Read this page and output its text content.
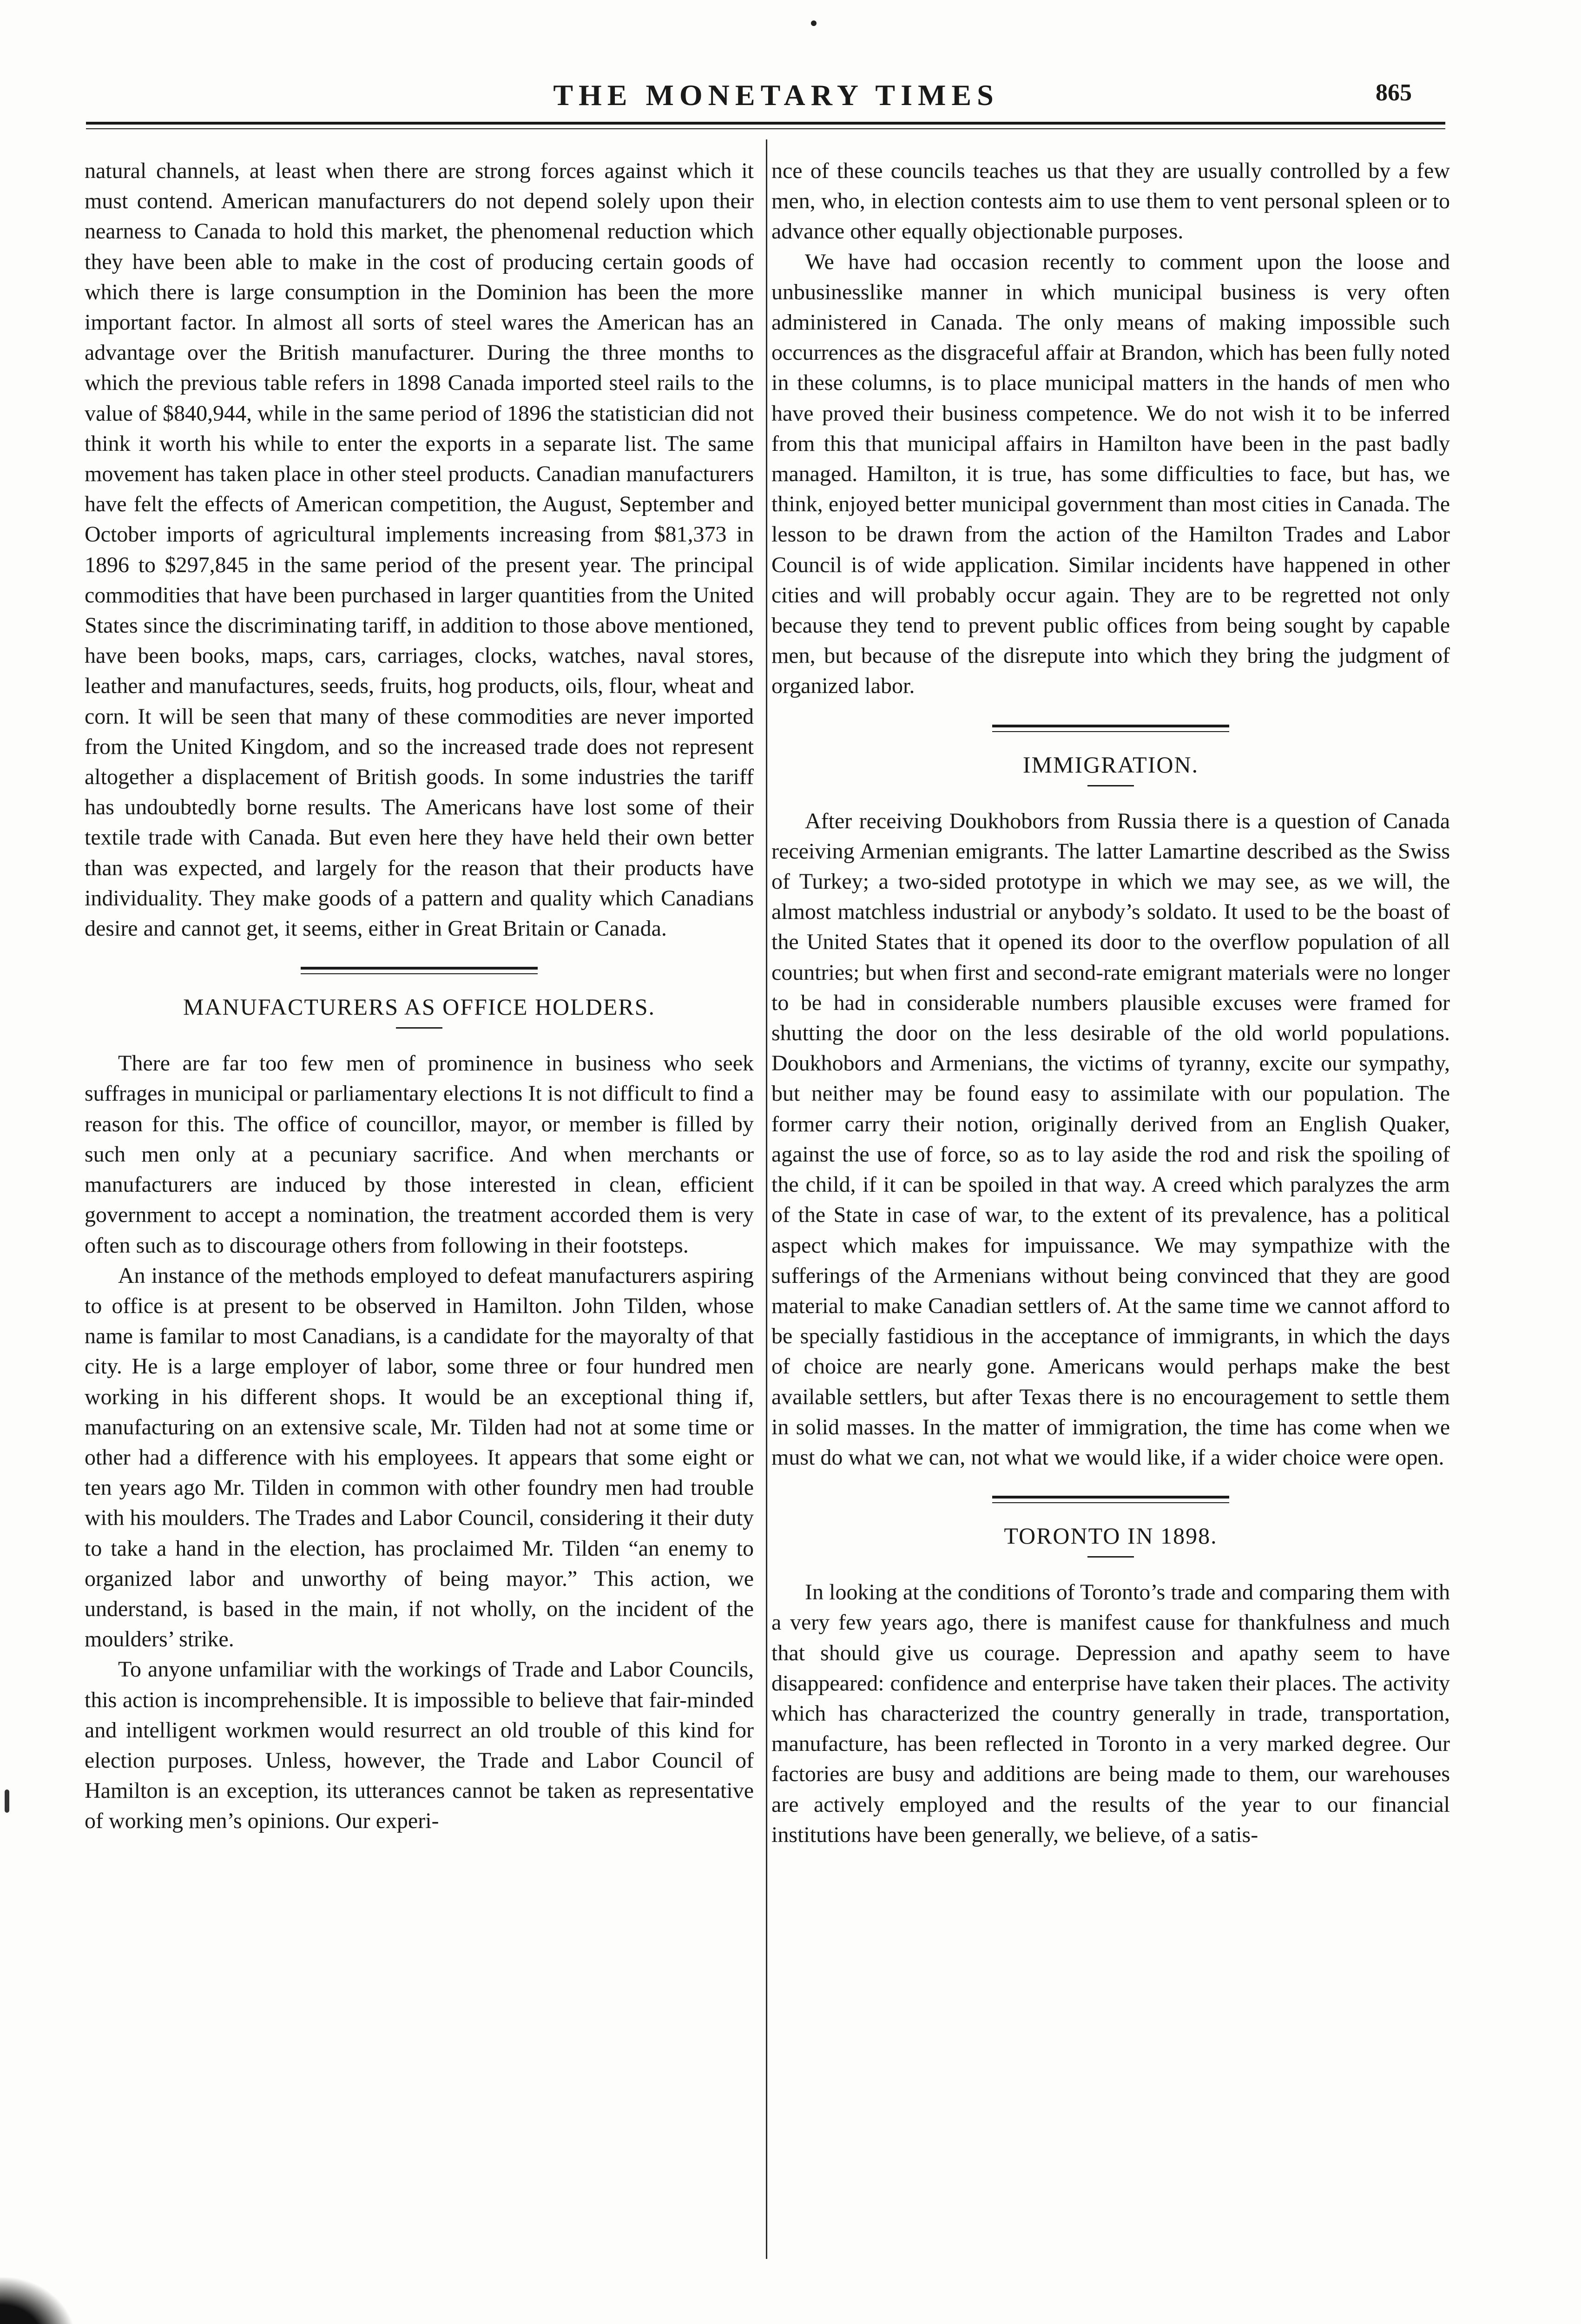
THE MONETARY TIMES	865

natural channels, at least when there are strong forces against which it must contend. American manufacturers do not depend solely upon their nearness to Canada to hold this market, the phenomenal reduction which they have been able to make in the cost of producing certain goods of which there is large consumption in the Dominion has been the more important factor. In almost all sorts of steel wares the American has an advantage over the British manufacturer. During the three months to which the previous table refers in 1898 Canada imported steel rails to the value of $840,944, while in the same period of 1896 the statistician did not think it worth his while to enter the exports in a separate list. The same movement has taken place in other steel products. Canadian manufacturers have felt the effects of American competition, the August, September and October imports of agricultural implements increasing from $81,373 in 1896 to $297,845 in the same period of the present year. The principal commodities that have been purchased in larger quantities from the United States since the discriminating tariff, in addition to those above mentioned, have been books, maps, cars, carriages, clocks, watches, naval stores, leather and manufactures, seeds, fruits, hog products, oils, flour, wheat and corn. It will be seen that many of these commodities are never imported from the United Kingdom, and so the increased trade does not represent altogether a displacement of British goods. In some industries the tariff has undoubtedly borne results. The Americans have lost some of their textile trade with Canada. But even here they have held their own better than was expected, and largely for the reason that their products have individuality. They make goods of a pattern and quality which Canadians desire and cannot get, it seems, either in Great Britain or Canada.

MANUFACTURERS AS OFFICE HOLDERS.

There are far too few men of prominence in business who seek suffrages in municipal or parliamentary elections It is not difficult to find a reason for this. The office of councillor, mayor, or member is filled by such men only at a pecuniary sacrifice. And when merchants or manufacturers are induced by those interested in clean, efficient government to accept a nomination, the treatment accorded them is very often such as to discourage others from following in their footsteps.

An instance of the methods employed to defeat manufacturers aspiring to office is at present to be observed in Hamilton. John Tilden, whose name is familar to most Canadians, is a candidate for the mayoralty of that city. He is a large employer of labor, some three or four hundred men working in his different shops. It would be an exceptional thing if, manufacturing on an extensive scale, Mr. Tilden had not at some time or other had a difference with his employees. It appears that some eight or ten years ago Mr. Tilden in common with other foundry men had trouble with his moulders. The Trades and Labor Council, considering it their duty to take a hand in the election, has proclaimed Mr. Tilden “an enemy to organized labor and unworthy of being mayor.” This action, we understand, is based in the main, if not wholly, on the incident of the moulders’ strike.

To anyone unfamiliar with the workings of Trade and Labor Councils, this action is incomprehensible. It is impossible to believe that fair-minded and intelligent workmen would resurrect an old trouble of this kind for election purposes. Unless, however, the Trade and Labor Council of Hamilton is an exception, its utterances cannot be taken as representative of working men’s opinions. Our experi-

nce of these councils teaches us that they are usually controlled by a few men, who, in election contests aim to use them to vent personal spleen or to advance other equally objectionable purposes.

We have had occasion recently to comment upon the loose and unbusinesslike manner in which municipal business is very often administered in Canada. The only means of making impossible such occurrences as the disgraceful affair at Brandon, which has been fully noted in these columns, is to place municipal matters in the hands of men who have proved their business competence. We do not wish it to be inferred from this that municipal affairs in Hamilton have been in the past badly managed. Hamilton, it is true, has some difficulties to face, but has, we think, enjoyed better municipal government than most cities in Canada. The lesson to be drawn from the action of the Hamilton Trades and Labor Council is of wide application. Similar incidents have happened in other cities and will probably occur again. They are to be regretted not only because they tend to prevent public offices from being sought by capable men, but because of the disrepute into which they bring the judgment of organized labor.

IMMIGRATION.

After receiving Doukhobors from Russia there is a question of Canada receiving Armenian emigrants. The latter Lamartine described as the Swiss of Turkey; a two-sided prototype in which we may see, as we will, the almost matchless industrial or anybody’s soldato. It used to be the boast of the United States that it opened its door to the overflow population of all countries; but when first and second-rate emigrant materials were no longer to be had in considerable numbers plausible excuses were framed for shutting the door on the less desirable of the old world populations. Doukhobors and Armenians, the victims of tyranny, excite our sympathy, but neither may be found easy to assimilate with our population. The former carry their notion, originally derived from an English Quaker, against the use of force, so as to lay aside the rod and risk the spoiling of the child, if it can be spoiled in that way. A creed which paralyzes the arm of the State in case of war, to the extent of its prevalence, has a political aspect which makes for impuissance. We may sympathize with the sufferings of the Armenians without being convinced that they are good material to make Canadian settlers of. At the same time we cannot afford to be specially fastidious in the acceptance of immigrants, in which the days of choice are nearly gone. Americans would perhaps make the best available settlers, but after Texas there is no encouragement to settle them in solid masses. In the matter of immigration, the time has come when we must do what we can, not what we would like, if a wider choice were open.

TORONTO IN 1898.

In looking at the conditions of Toronto’s trade and comparing them with a very few years ago, there is manifest cause for thankfulness and much that should give us courage. Depression and apathy seem to have disappeared: confidence and enterprise have taken their places. The activity which has characterized the country generally in trade, transportation, manufacture, has been reflected in Toronto in a very marked degree. Our factories are busy and additions are being made to them, our warehouses are actively employed and the results of the year to our financial institutions have been generally, we believe, of a satis-
